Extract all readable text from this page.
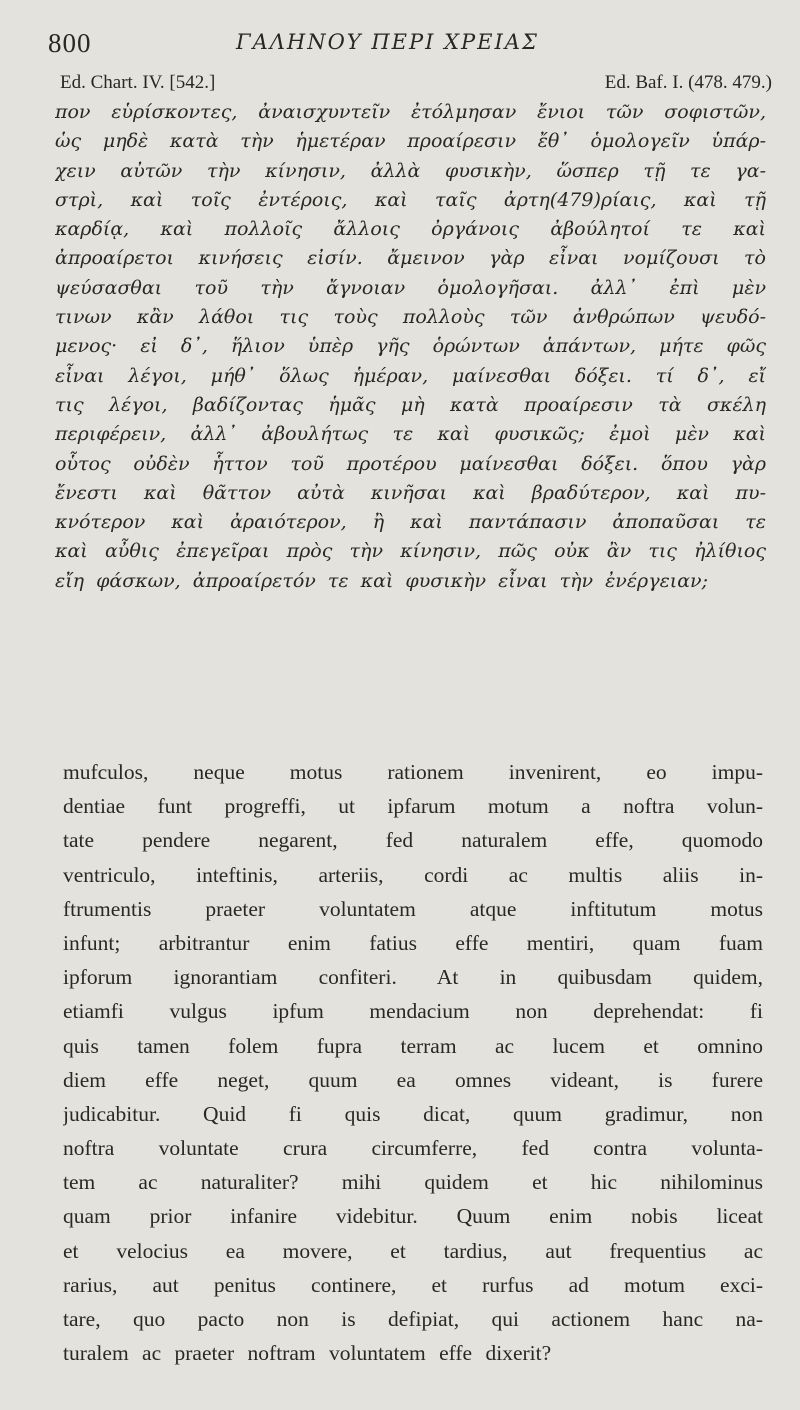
800	ΓΑΛΗΝΟΥ ΠΕΡΙ ΧΡΕΙΑΣ
Ed. Chart. IV. [542.]	Ed. Baf. I. (478. 479.)
πον εὑρίσκοντες, ἀναισχυντεῖν ἐτόλμησαν ἔνιοι τῶν σοφιστῶν,
ὡς μηδὲ κατὰ τὴν ἡμετέραν προαίρεσιν ἔθ᾽ ὁμολογεῖν ὑπάρ-
χειν αὐτῶν τὴν κίνησιν, ἀλλὰ φυσικὴν, ὥσπερ τῇ τε γα-
στρὶ, καὶ τοῖς ἐντέροις, καὶ ταῖς ἀρτη(479)ρίαις, καὶ τῇ
καρδίᾳ, καὶ πολλοῖς ἄλλοις ὀργάνοις ἀβούλητοί τε καὶ
ἀπροαίρετοι κινήσεις εἰσίν. ἄμεινον γὰρ εἶναι νομίζουσι τὸ
ψεύσασθαι τοῦ τὴν ἄγνοιαν ὁμολογῆσαι. ἀλλ᾽ ἐπὶ μὲν
τινων κἂν λάθοι τις τοὺς πολλοὺς τῶν ἀνθρώπων ψευδό-
μενος· εἰ δ᾽, ἥλιον ὑπὲρ γῆς ὁρώντων ἁπάντων, μήτε φῶς
εἶναι λέγοι, μήθ᾽ ὅλως ἡμέραν, μαίνεσθαι δόξει. τί δ᾽, εἴ
τις λέγοι, βαδίζοντας ἡμᾶς μὴ κατὰ προαίρεσιν τὰ σκέλη
περιφέρειν, ἀλλ᾽ ἀβουλήτως τε καὶ φυσικῶς; ἐμοὶ μὲν καὶ
οὗτος οὐδὲν ἧττον τοῦ προτέρου μαίνεσθαι δόξει. ὅπου γὰρ
ἔνεστι καὶ θᾶττον αὐτὰ κινῆσαι καὶ βραδύτερον, καὶ πυ-
κνότερον καὶ ἀραιότερον, ἢ καὶ παντάπασιν ἀποπαῦσαι τε
καὶ αὖθις ἐπεγεῖραι πρὸς τὴν κίνησιν, πῶς οὐκ ἂν τις ἠλίθιος
εἴη φάσκων, ἀπροαίρετόν τε καὶ φυσικὴν εἶναι τὴν ἐνέργειαν;
mufculos, neque motus rationem invenirent, eo impu-
dentiae funt progreffi, ut ipfarum motum a noftra volun-
tate pendere negarent, fed naturalem effe, quomodo
ventriculo, inteftinis, arteriis, cordi ac multis aliis in-
ftrumentis praeter voluntatem atque inftitutum motus
infunt; arbitrantur enim fatius effe mentiri, quam fuam
ipforum ignorantiam confiteri. At in quibusdam quidem,
etiamfi vulgus ipfum mendacium non deprehendat: fi
quis tamen folem fupra terram ac lucem et omnino
diem effe neget, quum ea omnes videant, is furere
judicabitur. Quid fi quis dicat, quum gradimur, non
noftra voluntate crura circumferre, fed contra volunta-
tem ac naturaliter? mihi quidem et hic nihilominus
quam prior infanire videbitur. Quum enim nobis liceat
et velocius ea movere, et tardius, aut frequentius ac
rarius, aut penitus continere, et rurfus ad motum exci-
tare, quo pacto non is defipiat, qui actionem hanc na-
turalem ac praeter noftram voluntatem effe dixerit?
